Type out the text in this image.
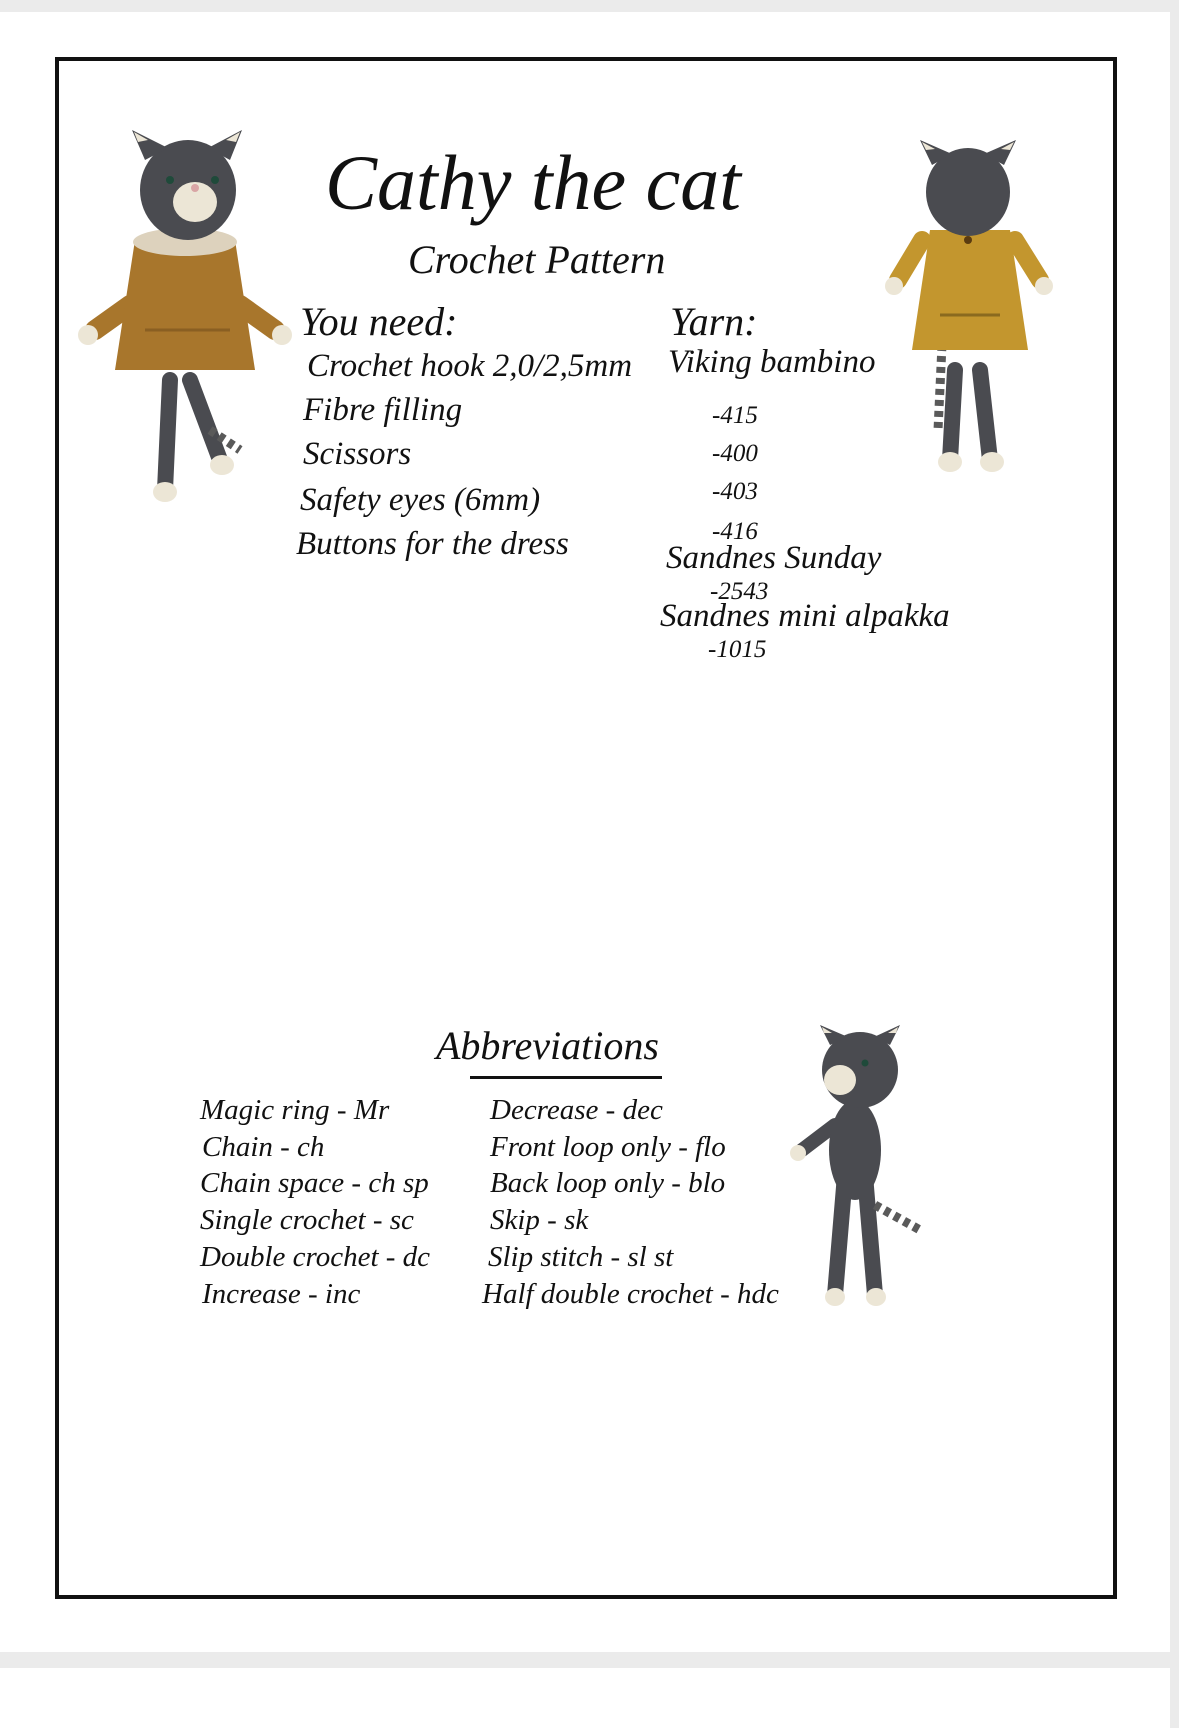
Cathy the cat
Crochet Pattern
You need:	Yarn:
Crochet hook 2,0/2,5mm
Fibre filling
Scissors
Safety eyes (6mm)
Buttons for the dress
Viking bambino
-415
-400
-403
-416
Sandnes Sunday
-2543
Sandnes mini alpakka
-1015
Abbreviations
Magic ring - Mr
Chain - ch
Chain space - ch sp
Single crochet - sc
Double crochet - dc
Increase - inc
Decrease - dec
Front loop only - flo
Back loop only - blo
Skip - sk
Slip stitch - sl st
Half double crochet - hdc
